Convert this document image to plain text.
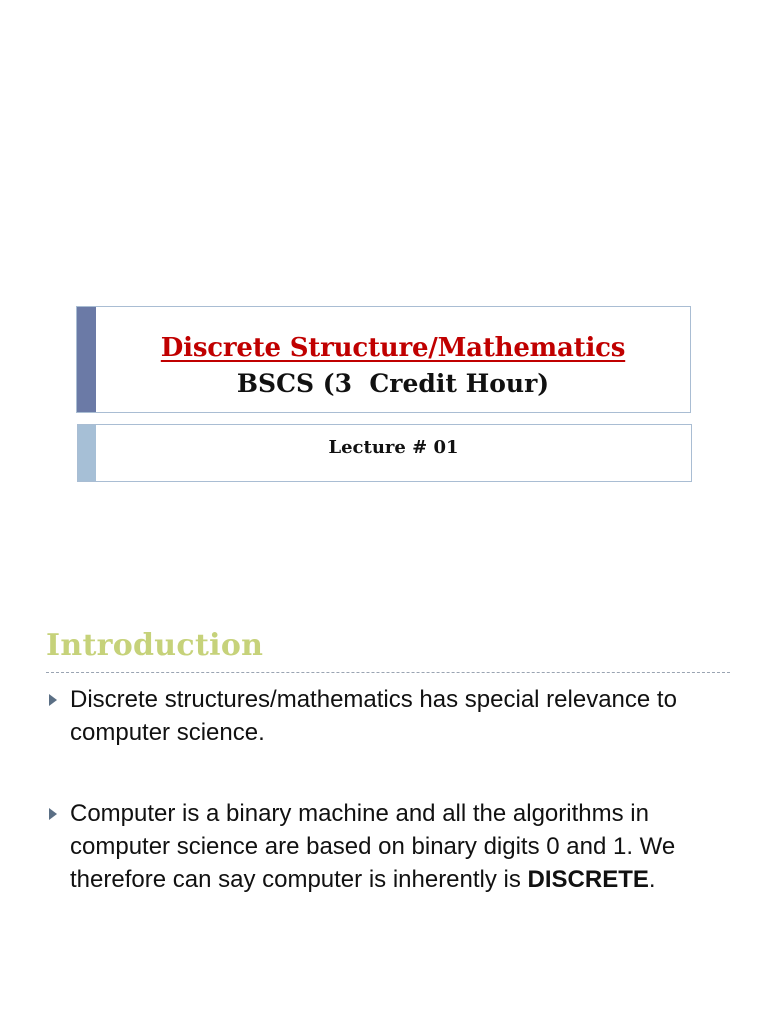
Discrete Structure/Mathematics
BSCS (3  Credit Hour)
Lecture # 01
Introduction
Discrete structures/mathematics has special relevance to computer science.
Computer is a binary machine and all the algorithms in computer science are based on binary digits 0 and 1. We therefore can say computer is inherently is DISCRETE.
